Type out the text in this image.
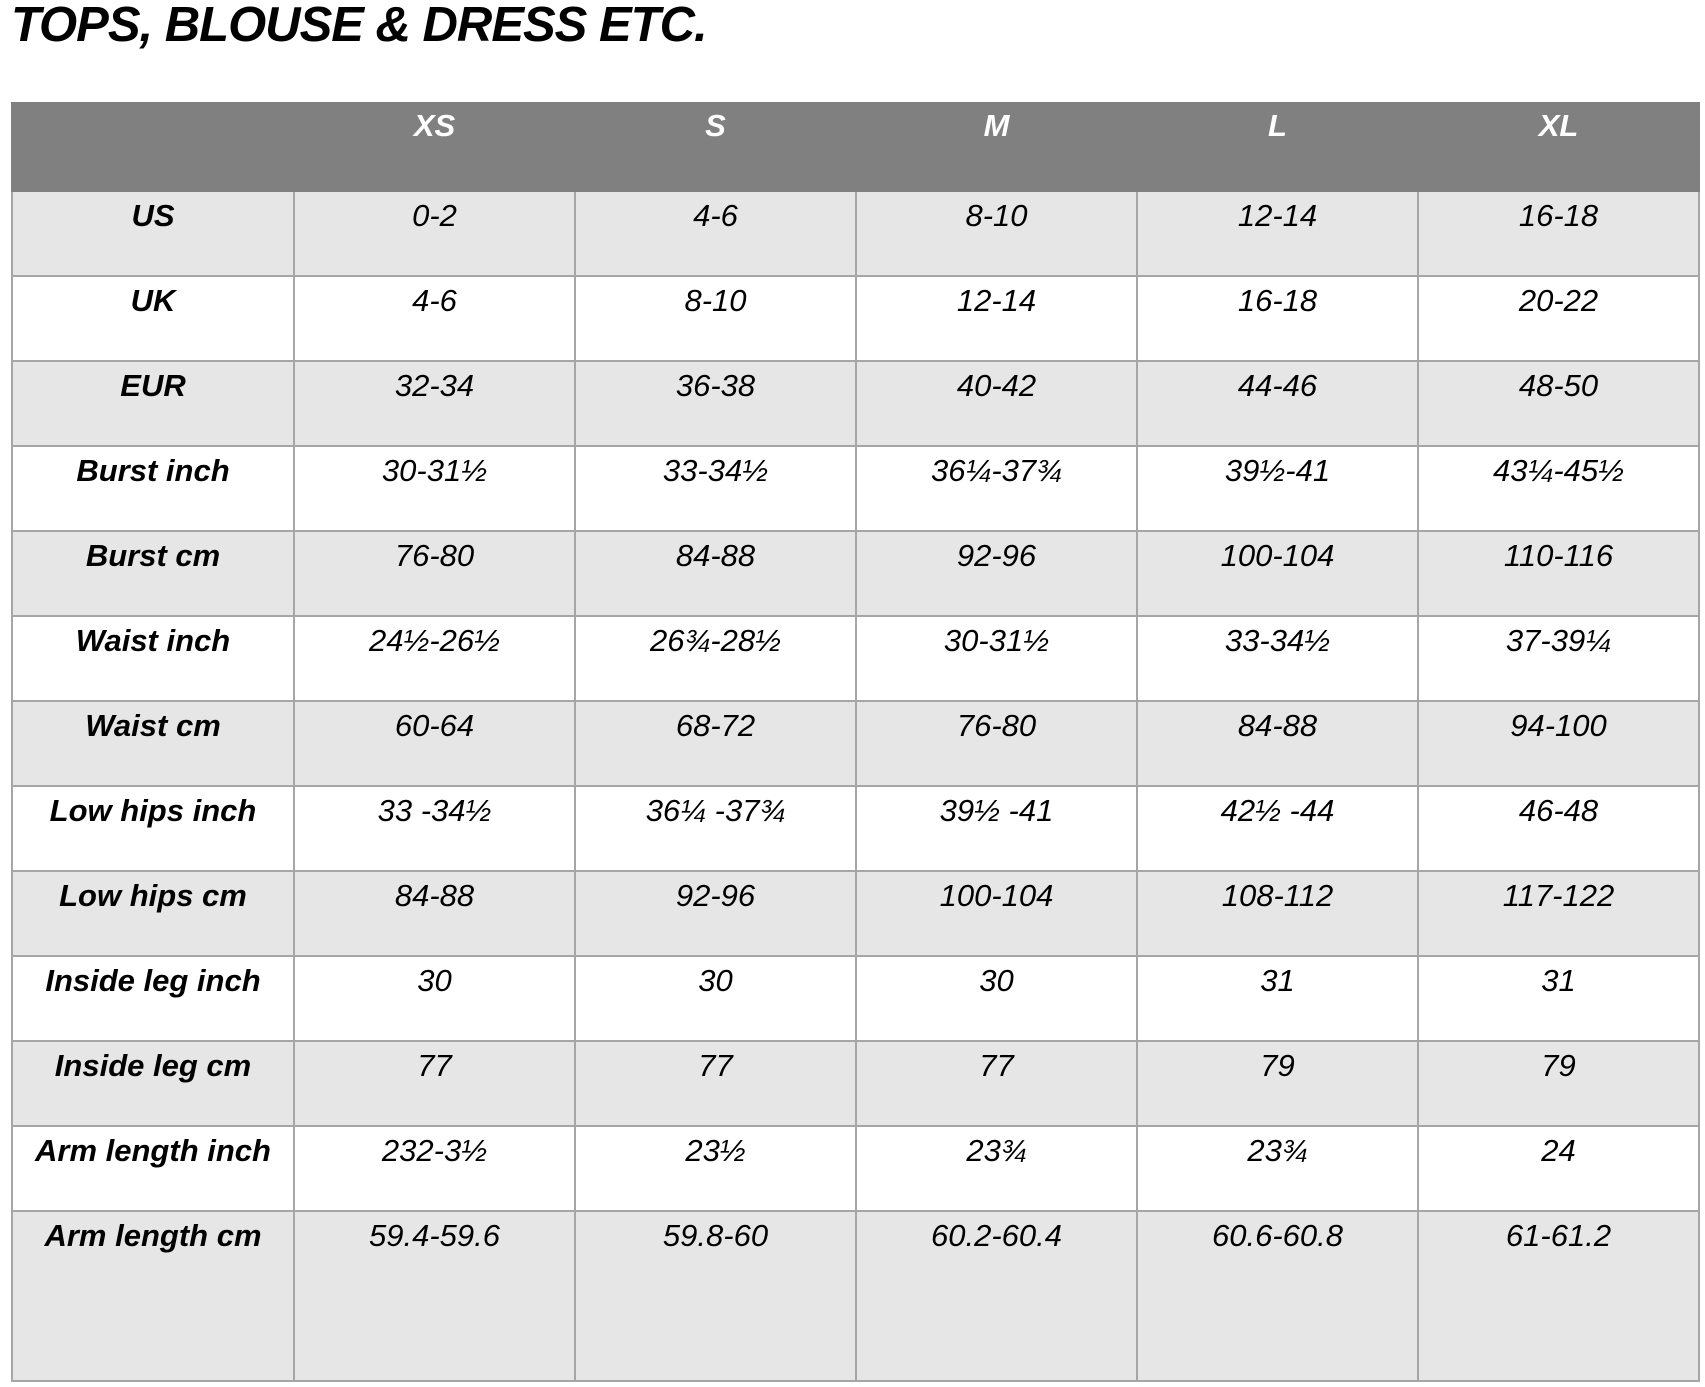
TOPS, BLOUSE & DRESS ETC.
	XS	S	M	L	XL
US	0-2	4-6	8-10	12-14	16-18
UK	4-6	8-10	12-14	16-18	20-22
EUR	32-34	36-38	40-42	44-46	48-50
Burst inch	30-31½	33-34½	36¼-37¾	39½-41	43¼-45½
Burst cm	76-80	84-88	92-96	100-104	110-116
Waist inch	24½-26½	26¾-28½	30-31½	33-34½	37-39¼
Waist cm	60-64	68-72	76-80	84-88	94-100
Low hips inch	33 -34½	36¼ -37¾	39½ -41	42½ -44	46-48
Low hips cm	84-88	92-96	100-104	108-112	117-122
Inside leg inch	30	30	30	31	31
Inside leg cm	77	77	77	79	79
Arm length inch	232-3½	23½	23¾	23¾	24
Arm length cm	59.4-59.6	59.8-60	60.2-60.4	60.6-60.8	61-61.2
